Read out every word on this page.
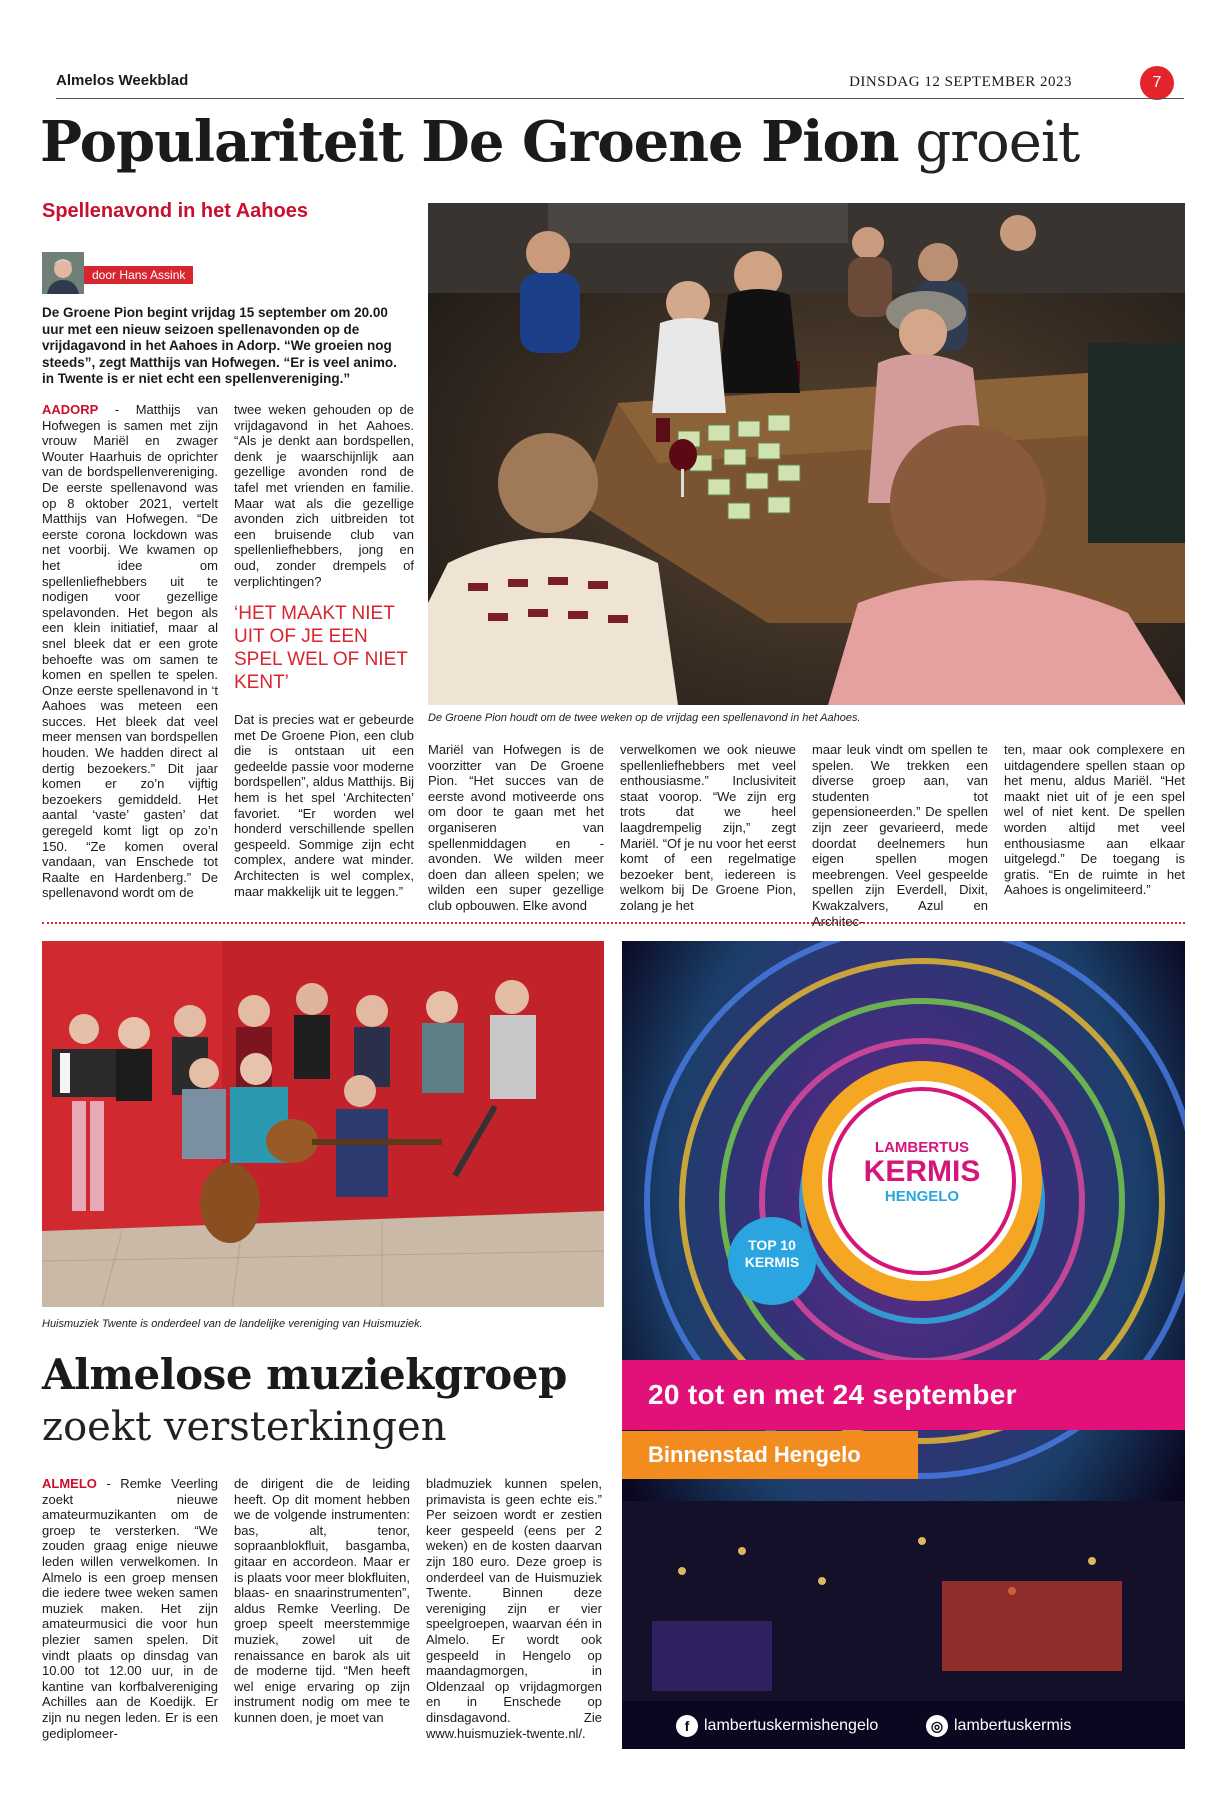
Almelos Weekblad	DINSDAG 12 SEPTEMBER 2023	7
Populariteit De Groene Pion groeit
Spellenavond in het Aahoes
door Hans Assink
De Groene Pion begint vrijdag 15 september om 20.00 uur met een nieuw seizoen spellenavonden op de vrijdagavond in het Aahoes in Adorp. “We groeien nog steeds”, zegt Matthijs van Hofwegen. “Er is veel animo. in Twente is er niet echt een spellenvereniging.”
AADORP - Matthijs van Hofwegen is samen met zijn vrouw Mariël en zwager Wouter Haarhuis de oprichter van de bordspellenvereniging. De eerste spellenavond was op 8 oktober 2021, vertelt Matthijs van Hofwegen. “De eerste corona lockdown was net voorbij. We kwamen op het idee om spellenliefhebbers uit te nodigen voor gezellige spelavonden. Het begon als een klein initiatief, maar al snel bleek dat er een grote behoefte was om samen te komen en spellen te spelen. Onze eerste spellenavond in ‘t Aahoes was meteen een succes. Het bleek dat veel meer mensen van bordspellen houden. We hadden direct al dertig bezoekers.” Dit jaar komen er zo’n vijftig bezoekers gemiddeld. Het aantal ‘vaste’ gasten’ dat geregeld komt ligt op zo’n 150. “Ze komen overal vandaan, van Enschede tot Raalte en Hardenberg.” De spellenavond wordt om de
twee weken gehouden op de vrijdagavond in het Aahoes. “Als je denkt aan bordspellen, denk je waarschijnlijk aan gezellige avonden rond de tafel met vrienden en familie. Maar wat als die gezellige avonden zich uitbreiden tot een bruisende club van spellenliefhebbers, jong en oud, zonder drempels of verplichtingen?
‘HET MAAKT NIET UIT OF JE EEN SPEL WEL OF NIET KENT’
Dat is precies wat er gebeurde met De Groene Pion, een club die is ontstaan uit een gedeelde passie voor moderne bordspellen”, aldus Matthijs. Bij hem is het spel ‘Architecten’ favoriet. “Er worden wel honderd verschillende spellen gespeeld. Sommige zijn echt complex, andere wat minder. Architecten is wel complex, maar makkelijk uit te leggen.”
De Groene Pion houdt om de twee weken op de vrijdag een spellenavond in het Aahoes.
Mariël van Hofwegen is de voorzitter van De Groene Pion. “Het succes van de eerste avond motiveerde ons om door te gaan met het organiseren van spellenmiddagen en -avonden. We wilden meer doen dan alleen spelen; we wilden een super gezellige club opbouwen. Elke avond
verwelkomen we ook nieuwe spellenliefhebbers met veel enthousiasme.” Inclusiviteit staat voorop. “We zijn erg trots dat we heel laagdrempelig zijn,” zegt Mariël. “Of je nu voor het eerst komt of een regelmatige bezoeker bent, iedereen is welkom bij De Groene Pion, zolang je het
maar leuk vindt om spellen te spelen. We trekken een diverse groep aan, van studenten tot gepensioneerden.” De spellen zijn zeer gevarieerd, mede doordat deelnemers hun eigen spellen mogen meebrengen. Veel gespeelde spellen zijn Everdell, Dixit, Kwakzalvers, Azul en Architec-
ten, maar ook complexere en uitdagendere spellen staan op het menu, aldus Mariël. “Het maakt niet uit of je een spel wel of niet kent. De spellen worden altijd met veel enthousiasme aan elkaar uitgelegd.” De toegang is gratis. “En de ruimte in het Aahoes is ongelimiteerd.”
Huismuziek Twente is onderdeel van de landelijke vereniging van Huismuziek.
Almelose muziekgroep
zoekt versterkingen
ALMELO - Remke Veerling zoekt nieuwe amateurmuzikanten om de groep te versterken. “We zouden graag enige nieuwe leden willen verwelkomen. In Almelo is een groep mensen die iedere twee weken samen muziek maken. Het zijn amateurmusici die voor hun plezier samen spelen. Dit vindt plaats op dinsdag van 10.00 tot 12.00 uur, in de kantine van korfbalvereniging Achilles aan de Koedijk. Er zijn nu negen leden. Er is een gediplomeer-
de dirigent die de leiding heeft. Op dit moment hebben we de volgende instrumenten: bas, alt, tenor, sopraanblokfluit, basgamba, gitaar en accordeon. Maar er is plaats voor meer blokfluiten, blaas- en snaarinstrumenten”, aldus Remke Veerling. De groep speelt meerstemmige muziek, zowel uit de renaissance en barok als uit de moderne tijd. “Men heeft wel enige ervaring op zijn instrument nodig om mee te kunnen doen, je moet van
bladmuziek kunnen spelen, primavista is geen echte eis.” Per seizoen wordt er zestien keer gespeeld (eens per 2 weken) en de kosten daarvan zijn 180 euro. Deze groep is onderdeel van de Huismuziek Twente. Binnen deze vereniging zijn er vier speelgroepen, waarvan één in Almelo. Er wordt ook gespeeld in Hengelo op maandagmorgen, in Oldenzaal op vrijdagmorgen en in Enschede op dinsdagavond. Zie www.huismuziek-twente.nl/.
LAMBERTUS
KERMIS
HENGELO
TOP 10 KERMIS
20 tot en met 24 september
Binnenstad Hengelo
f lambertuskermishengelo	◎ lambertuskermis
